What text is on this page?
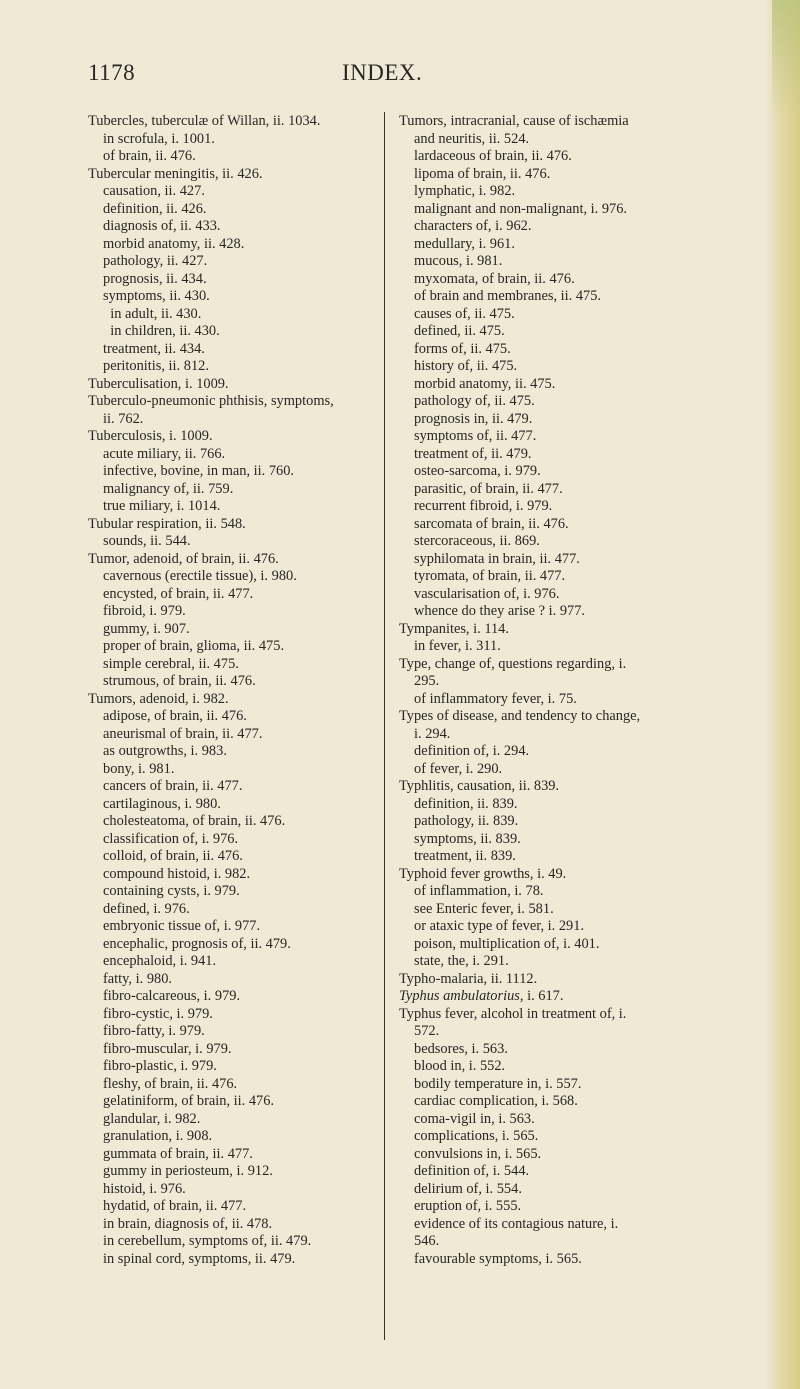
1178	INDEX.
Tubercles, tuberculæ of Willan, ii. 1034.
in scrofula, i. 1001.
of brain, ii. 476.
Tubercular meningitis, ii. 426.
causation, ii. 427.
definition, ii. 426.
diagnosis of, ii. 433.
morbid anatomy, ii. 428.
pathology, ii. 427.
prognosis, ii. 434.
symptoms, ii. 430.
in adult, ii. 430.
in children, ii. 430.
treatment, ii. 434.
peritonitis, ii. 812.
Tuberculisation, i. 1009.
Tuberculo-pneumonic phthisis, symptoms,
ii. 762.
Tuberculosis, i. 1009.
acute miliary, ii. 766.
infective, bovine, in man, ii. 760.
malignancy of, ii. 759.
true miliary, i. 1014.
Tubular respiration, ii. 548.
sounds, ii. 544.
Tumor, adenoid, of brain, ii. 476.
cavernous (erectile tissue), i. 980.
encysted, of brain, ii. 477.
fibroid, i. 979.
gummy, i. 907.
proper of brain, glioma, ii. 475.
simple cerebral, ii. 475.
strumous, of brain, ii. 476.
Tumors, adenoid, i. 982.
adipose, of brain, ii. 476.
aneurismal of brain, ii. 477.
as outgrowths, i. 983.
bony, i. 981.
cancers of brain, ii. 477.
cartilaginous, i. 980.
cholesteatoma, of brain, ii. 476.
classification of, i. 976.
colloid, of brain, ii. 476.
compound histoid, i. 982.
containing cysts, i. 979.
defined, i. 976.
embryonic tissue of, i. 977.
encephalic, prognosis of, ii. 479.
encephaloid, i. 941.
fatty, i. 980.
fibro-calcareous, i. 979.
fibro-cystic, i. 979.
fibro-fatty, i. 979.
fibro-muscular, i. 979.
fibro-plastic, i. 979.
fleshy, of brain, ii. 476.
gelatiniform, of brain, ii. 476.
glandular, i. 982.
granulation, i. 908.
gummata of brain, ii. 477.
gummy in periosteum, i. 912.
histoid, i. 976.
hydatid, of brain, ii. 477.
in brain, diagnosis of, ii. 478.
in cerebellum, symptoms of, ii. 479.
in spinal cord, symptoms, ii. 479.
Tumors, intracranial, cause of ischæmia
and neuritis, ii. 524.
lardaceous of brain, ii. 476.
lipoma of brain, ii. 476.
lymphatic, i. 982.
malignant and non-malignant, i. 976.
characters of, i. 962.
medullary, i. 961.
mucous, i. 981.
myxomata, of brain, ii. 476.
of brain and membranes, ii. 475.
causes of, ii. 475.
defined, ii. 475.
forms of, ii. 475.
history of, ii. 475.
morbid anatomy, ii. 475.
pathology of, ii. 475.
prognosis in, ii. 479.
symptoms of, ii. 477.
treatment of, ii. 479.
osteo-sarcoma, i. 979.
parasitic, of brain, ii. 477.
recurrent fibroid, i. 979.
sarcomata of brain, ii. 476.
stercoraceous, ii. 869.
syphilomata in brain, ii. 477.
tyromata, of brain, ii. 477.
vascularisation of, i. 976.
whence do they arise ? i. 977.
Tympanites, i. 114.
in fever, i. 311.
Type, change of, questions regarding, i.
295.
of inflammatory fever, i. 75.
Types of disease, and tendency to change,
i. 294.
definition of, i. 294.
of fever, i. 290.
Typhlitis, causation, ii. 839.
definition, ii. 839.
pathology, ii. 839.
symptoms, ii. 839.
treatment, ii. 839.
Typhoid fever growths, i. 49.
of inflammation, i. 78.
see Enteric fever, i. 581.
or ataxic type of fever, i. 291.
poison, multiplication of, i. 401.
state, the, i. 291.
Typho-malaria, ii. 1112.
Typhus ambulatorius, i. 617.
Typhus fever, alcohol in treatment of, i.
572.
bedsores, i. 563.
blood in, i. 552.
bodily temperature in, i. 557.
cardiac complication, i. 568.
coma-vigil in, i. 563.
complications, i. 565.
convulsions in, i. 565.
definition of, i. 544.
delirium of, i. 554.
eruption of, i. 555.
evidence of its contagious nature, i.
546.
favourable symptoms, i. 565.
